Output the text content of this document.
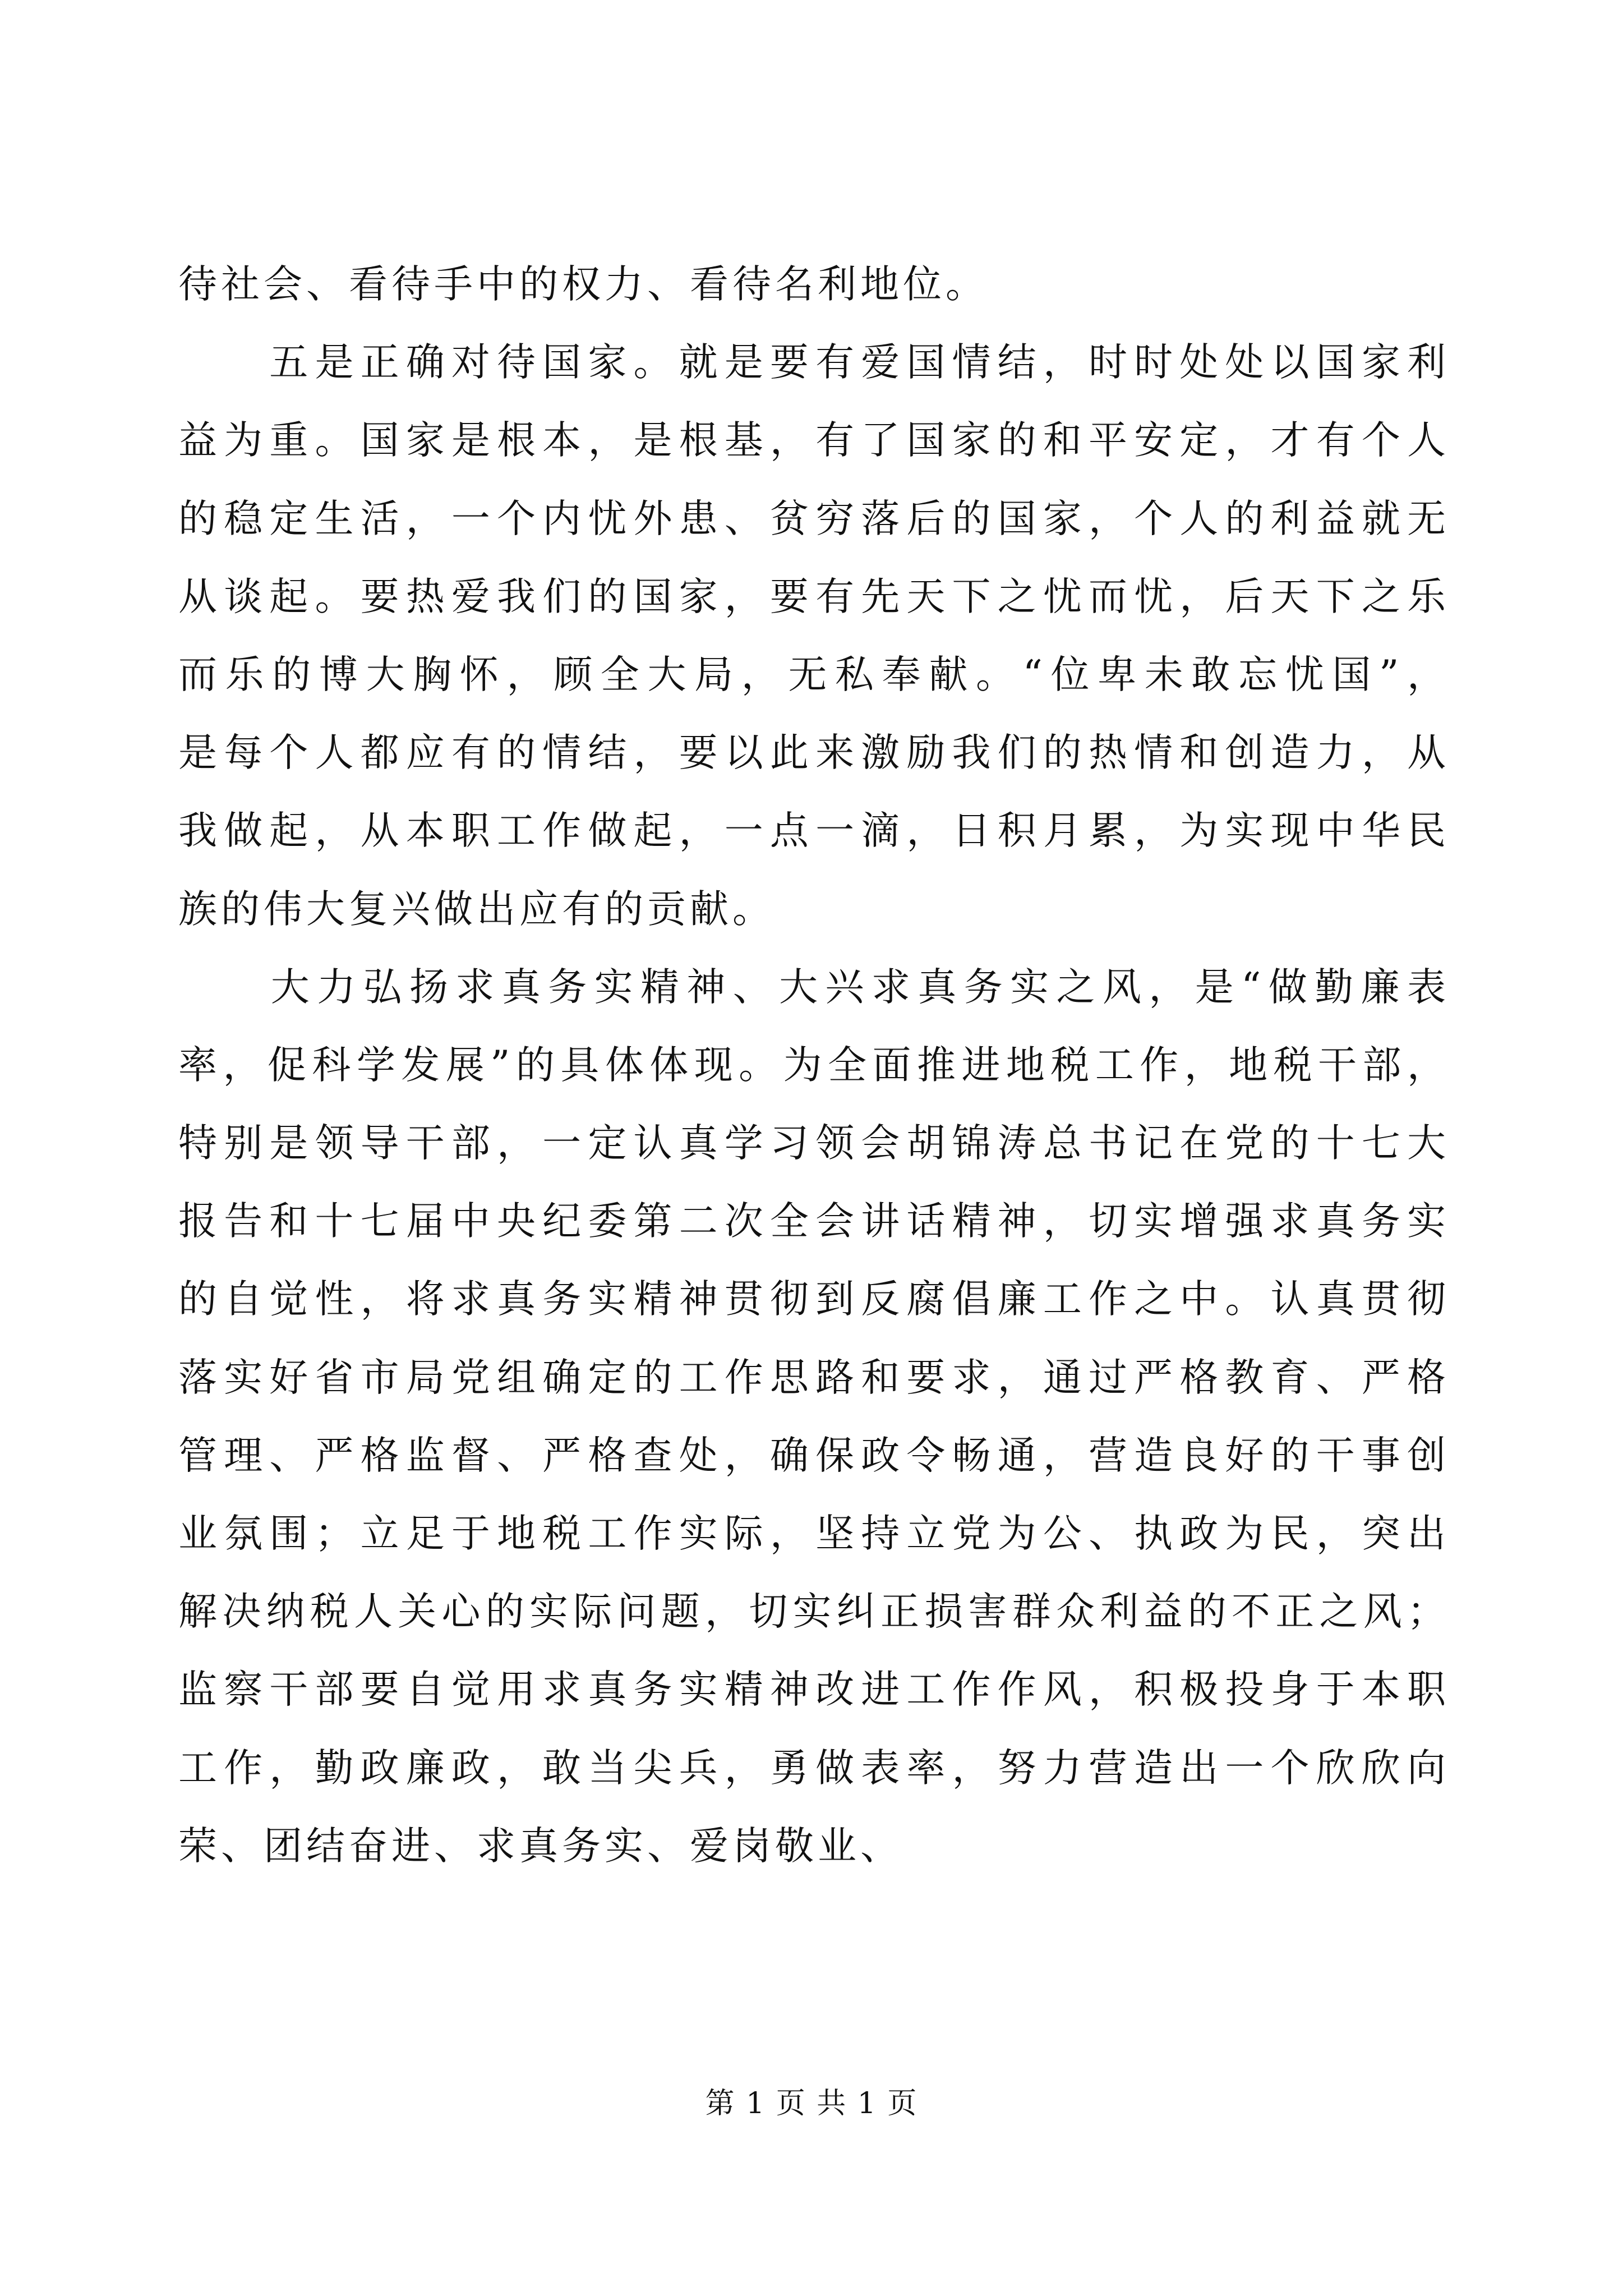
待社会、看待手中的权力、看待名利地位。
　　五是正确对待国家。就是要有爱国情结，时时处处以国家利
益为重。国家是根本，是根基，有了国家的和平安定，才有个人
的稳定生活，一个内忧外患、贫穷落后的国家，个人的利益就无
从谈起。要热爱我们的国家，要有先天下之忧而忧，后天下之乐
而乐的博大胸怀，顾全大局，无私奉献。“位卑未敢忘忧国”，
是每个人都应有的情结，要以此来激励我们的热情和创造力，从
我做起，从本职工作做起，一点一滴，日积月累，为实现中华民
族的伟大复兴做出应有的贡献。
　　大力弘扬求真务实精神、大兴求真务实之风，是“做勤廉表
率，促科学发展”的具体体现。为全面推进地税工作，地税干部，
特别是领导干部，一定认真学习领会胡锦涛总书记在党的十七大
报告和十七届中央纪委第二次全会讲话精神，切实增强求真务实
的自觉性，将求真务实精神贯彻到反腐倡廉工作之中。认真贯彻
落实好省市局党组确定的工作思路和要求，通过严格教育、严格
管理、严格监督、严格查处，确保政令畅通，营造良好的干事创
业氛围；立足于地税工作实际，坚持立党为公、执政为民，突出
解决纳税人关心的实际问题，切实纠正损害群众利益的不正之风；
监察干部要自觉用求真务实精神改进工作作风，积极投身于本职
工作，勤政廉政，敢当尖兵，勇做表率，努力营造出一个欣欣向
荣、团结奋进、求真务实、爱岗敬业、
第 1 页 共 1 页
